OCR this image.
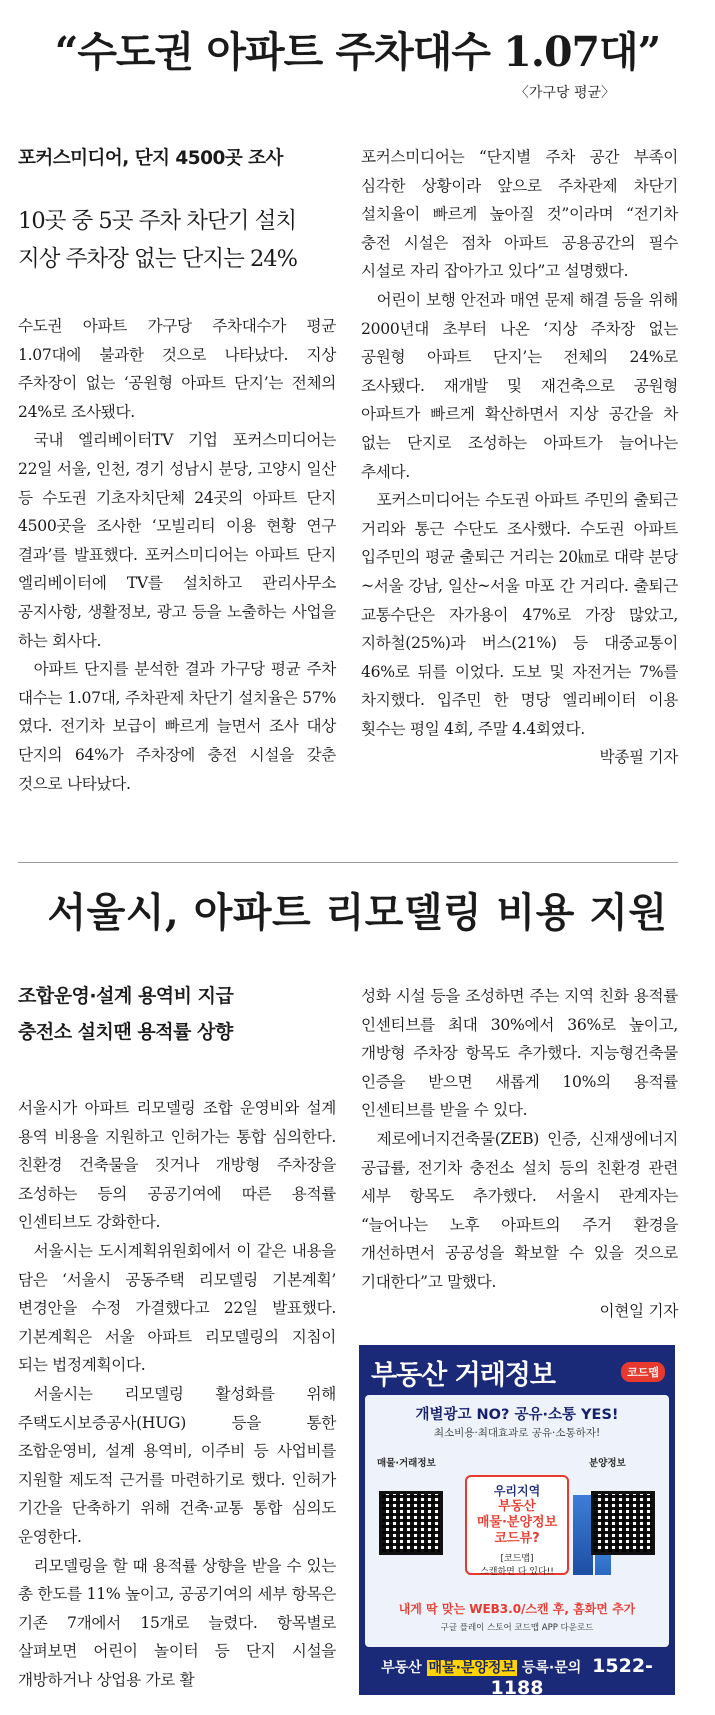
“수도권 아파트 주차대수 1.07대”
〈가구당 평균〉
포커스미디어, 단지 4500곳 조사
10곳 중 5곳 주차 차단기 설치
지상 주차장 없는 단지는 24%

수도권 아파트 가구당 주차대수가 평균 1.07대에 불과한 것으로 나타났다. 지상 주차장이 없는 ‘공원형 아파트 단지’는 전체의 24%로 조사됐다.

국내 엘리베이터TV 기업 포커스미디어는 22일 서울, 인천, 경기 성남시 분당, 고양시 일산 등 수도권 기초자치단체 24곳의 아파트 단지 4500곳을 조사한 ‘모빌리티 이용 현황 연구 결과’를 발표했다. 포커스미디어는 아파트 단지 엘리베이터에 TV를 설치하고 관리사무소 공지사항, 생활정보, 광고 등을 노출하는 사업을 하는 회사다.

아파트 단지를 분석한 결과 가구당 평균 주차 대수는 1.07대, 주차관제 차단기 설치율은 57%였다. 전기차 보급이 빠르게 늘면서 조사 대상 단지의 64%가 주차장에 충전 시설을 갖춘 것으로 나타났다.

포커스미디어는 “단지별 주차 공간 부족이 심각한 상황이라 앞으로 주차관제 차단기 설치율이 빠르게 높아질 것”이라며 “전기차 충전 시설은 점차 아파트 공용공간의 필수 시설로 자리 잡아가고 있다”고 설명했다.

어린이 보행 안전과 매연 문제 해결 등을 위해 2000년대 초부터 나온 ‘지상 주차장 없는 공원형 아파트 단지’는 전체의 24%로 조사됐다. 재개발 및 재건축으로 공원형 아파트가 빠르게 확산하면서 지상 공간을 차 없는 단지로 조성하는 아파트가 늘어나는 추세다.

포커스미디어는 수도권 아파트 주민의 출퇴근 거리와 통근 수단도 조사했다. 수도권 아파트 입주민의 평균 출퇴근 거리는 20㎞로 대략 분당~서울 강남, 일산~서울 마포 간 거리다. 출퇴근 교통수단은 자가용이 47%로 가장 많았고, 지하철(25%)과 버스(21%) 등 대중교통이 46%로 뒤를 이었다. 도보 및 자전거는 7%를 차지했다. 입주민 한 명당 엘리베이터 이용 횟수는 평일 4회, 주말 4.4회였다.

박종필 기자
서울시, 아파트 리모델링 비용 지원
조합운영·설계 용역비 지급
충전소 설치땐 용적률 상향

서울시가 아파트 리모델링 조합 운영비와 설계 용역 비용을 지원하고 인허가는 통합 심의한다. 친환경 건축물을 짓거나 개방형 주차장을 조성하는 등의 공공기여에 따른 용적률 인센티브도 강화한다.

서울시는 도시계획위원회에서 이 같은 내용을 담은 ‘서울시 공동주택 리모델링 기본계획’ 변경안을 수정 가결했다고 22일 발표했다. 기본계획은 서울 아파트 리모델링의 지침이 되는 법정계획이다.

서울시는 리모델링 활성화를 위해 주택도시보증공사(HUG) 등을 통한 조합운영비, 설계 용역비, 이주비 등 사업비를 지원할 제도적 근거를 마련하기로 했다. 인허가 기간을 단축하기 위해 건축·교통 통합 심의도 운영한다.

리모델링을 할 때 용적률 상향을 받을 수 있는 총 한도를 11% 높이고, 공공기여의 세부 항목은 기존 7개에서 15개로 늘렸다. 항목별로 살펴보면 어린이 놀이터 등 단지 시설을 개방하거나 상업용 가로 활

성화 시설 등을 조성하면 주는 지역 친화 용적률 인센티브를 최대 30%에서 36%로 높이고, 개방형 주차장 항목도 추가했다. 지능형건축물 인증을 받으면 새롭게 10%의 용적률 인센티브를 받을 수 있다.

제로에너지건축물(ZEB) 인증, 신재생에너지 공급률, 전기차 충전소 설치 등의 친환경 관련 세부 항목도 추가했다. 서울시 관계자는 “늘어나는 노후 아파트의 주거 환경을 개선하면서 공공성을 확보할 수 있을 것으로 기대한다”고 말했다.

이현일 기자
부동산 거래정보	코드맵
개별광고 NO? 공유·소통 YES!
최소비용·최대효과로 공유·소통하자!
매물·거래정보	분양정보
우리지역
부동산
매물·분양정보
코드뷰?
[코드맵]
스캔하면 다 있다!!
내게 딱 맞는 WEB3.0/스캔 후, 홈화면 추가
구글 플레이 스토어 코드맵 APP 다운로드
부동산 매물·분양정보 등록·문의 1522-1188
